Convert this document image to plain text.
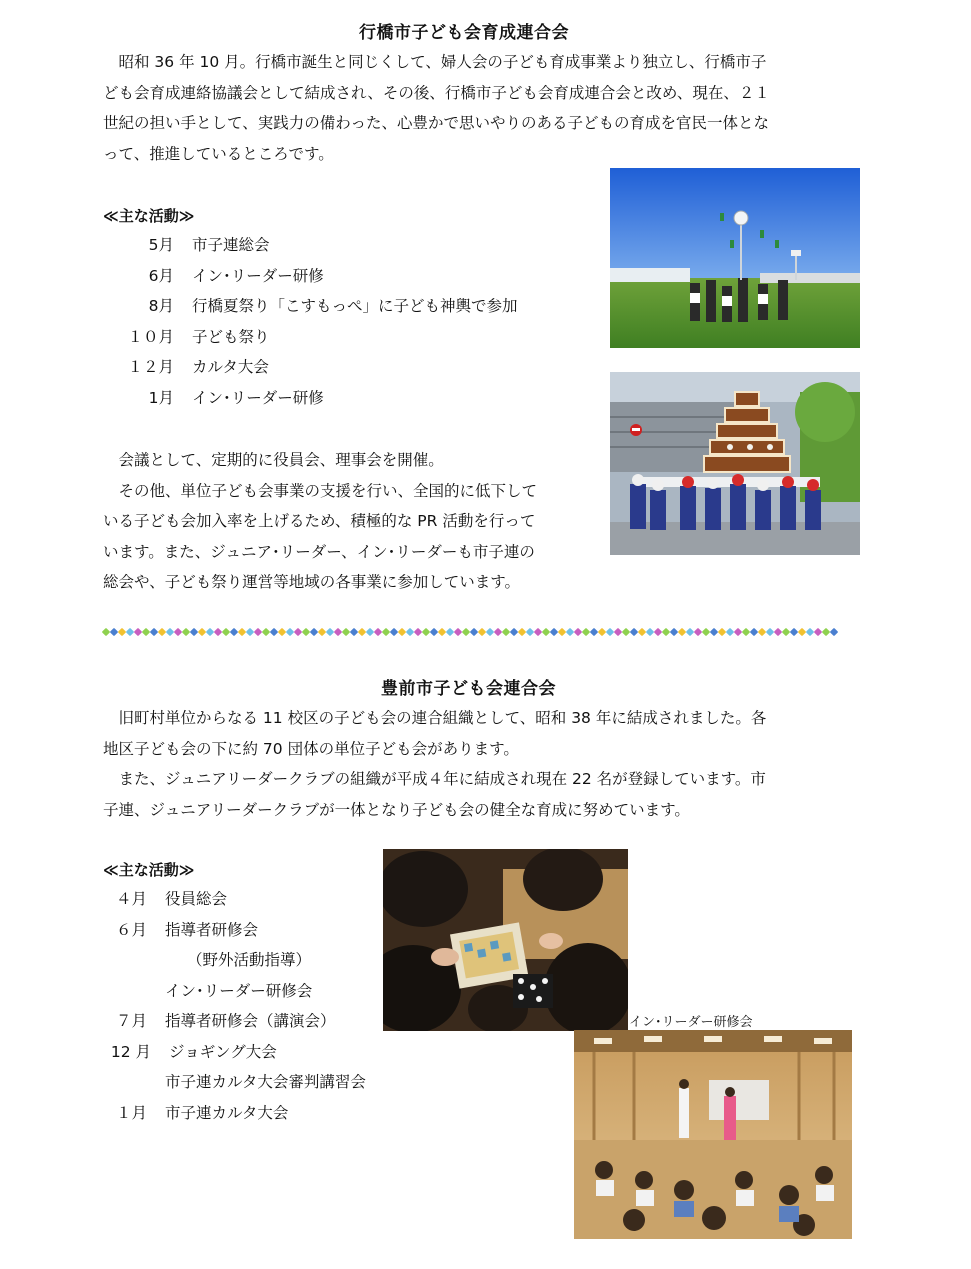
行橋市子ども会育成連合会
　昭和 36 年 10 月。行橋市誕生と同じくして、婦人会の子ども育成事業より独立し、行橋市子
ども会育成連絡協議会として結成され、その後、行橋市子ども会育成連合会と改め、現在、２１
世紀の担い手として、実践力の備わった、心豊かで思いやりのある子どもの育成を官民一体とな
って、推進しているところです。
≪主な活動≫
5月 市子連総会
6月 イン･リーダー研修
8月 行橋夏祭り「こすもっぺ」に子ども神輿で参加
１０月 子ども祭り
１２月 カルタ大会
1月 イン･リーダー研修
　会議として、定期的に役員会、理事会を開催。
　その他、単位子ども会事業の支援を行い、全国的に低下して
いる子ども会加入率を上げるため、積極的な PR 活動を行って
います。また、ジュニア･リーダー、イン･リーダーも市子連の
総会や、子ども祭り運営等地域の各事業に参加しています。
豊前市子ども会連合会
　旧町村単位からなる 11 校区の子ども会の連合組織として、昭和 38 年に結成されました。各
地区子ども会の下に約 70 団体の単位子ども会があります。
　また、ジュニアリーダークラブの組織が平成４年に結成され現在 22 名が登録しています。市
子連、ジュニアリーダークラブが一体となり子ども会の健全な育成に努めています。
≪主な活動≫
４月 役員総会
６月 指導者研修会
（野外活動指導）
イン･リーダー研修会
７月 指導者研修会（講演会）
12 月 ジョギング大会
市子連カルタ大会審判講習会
１月 市子連カルタ大会
イン･リーダー研修会
